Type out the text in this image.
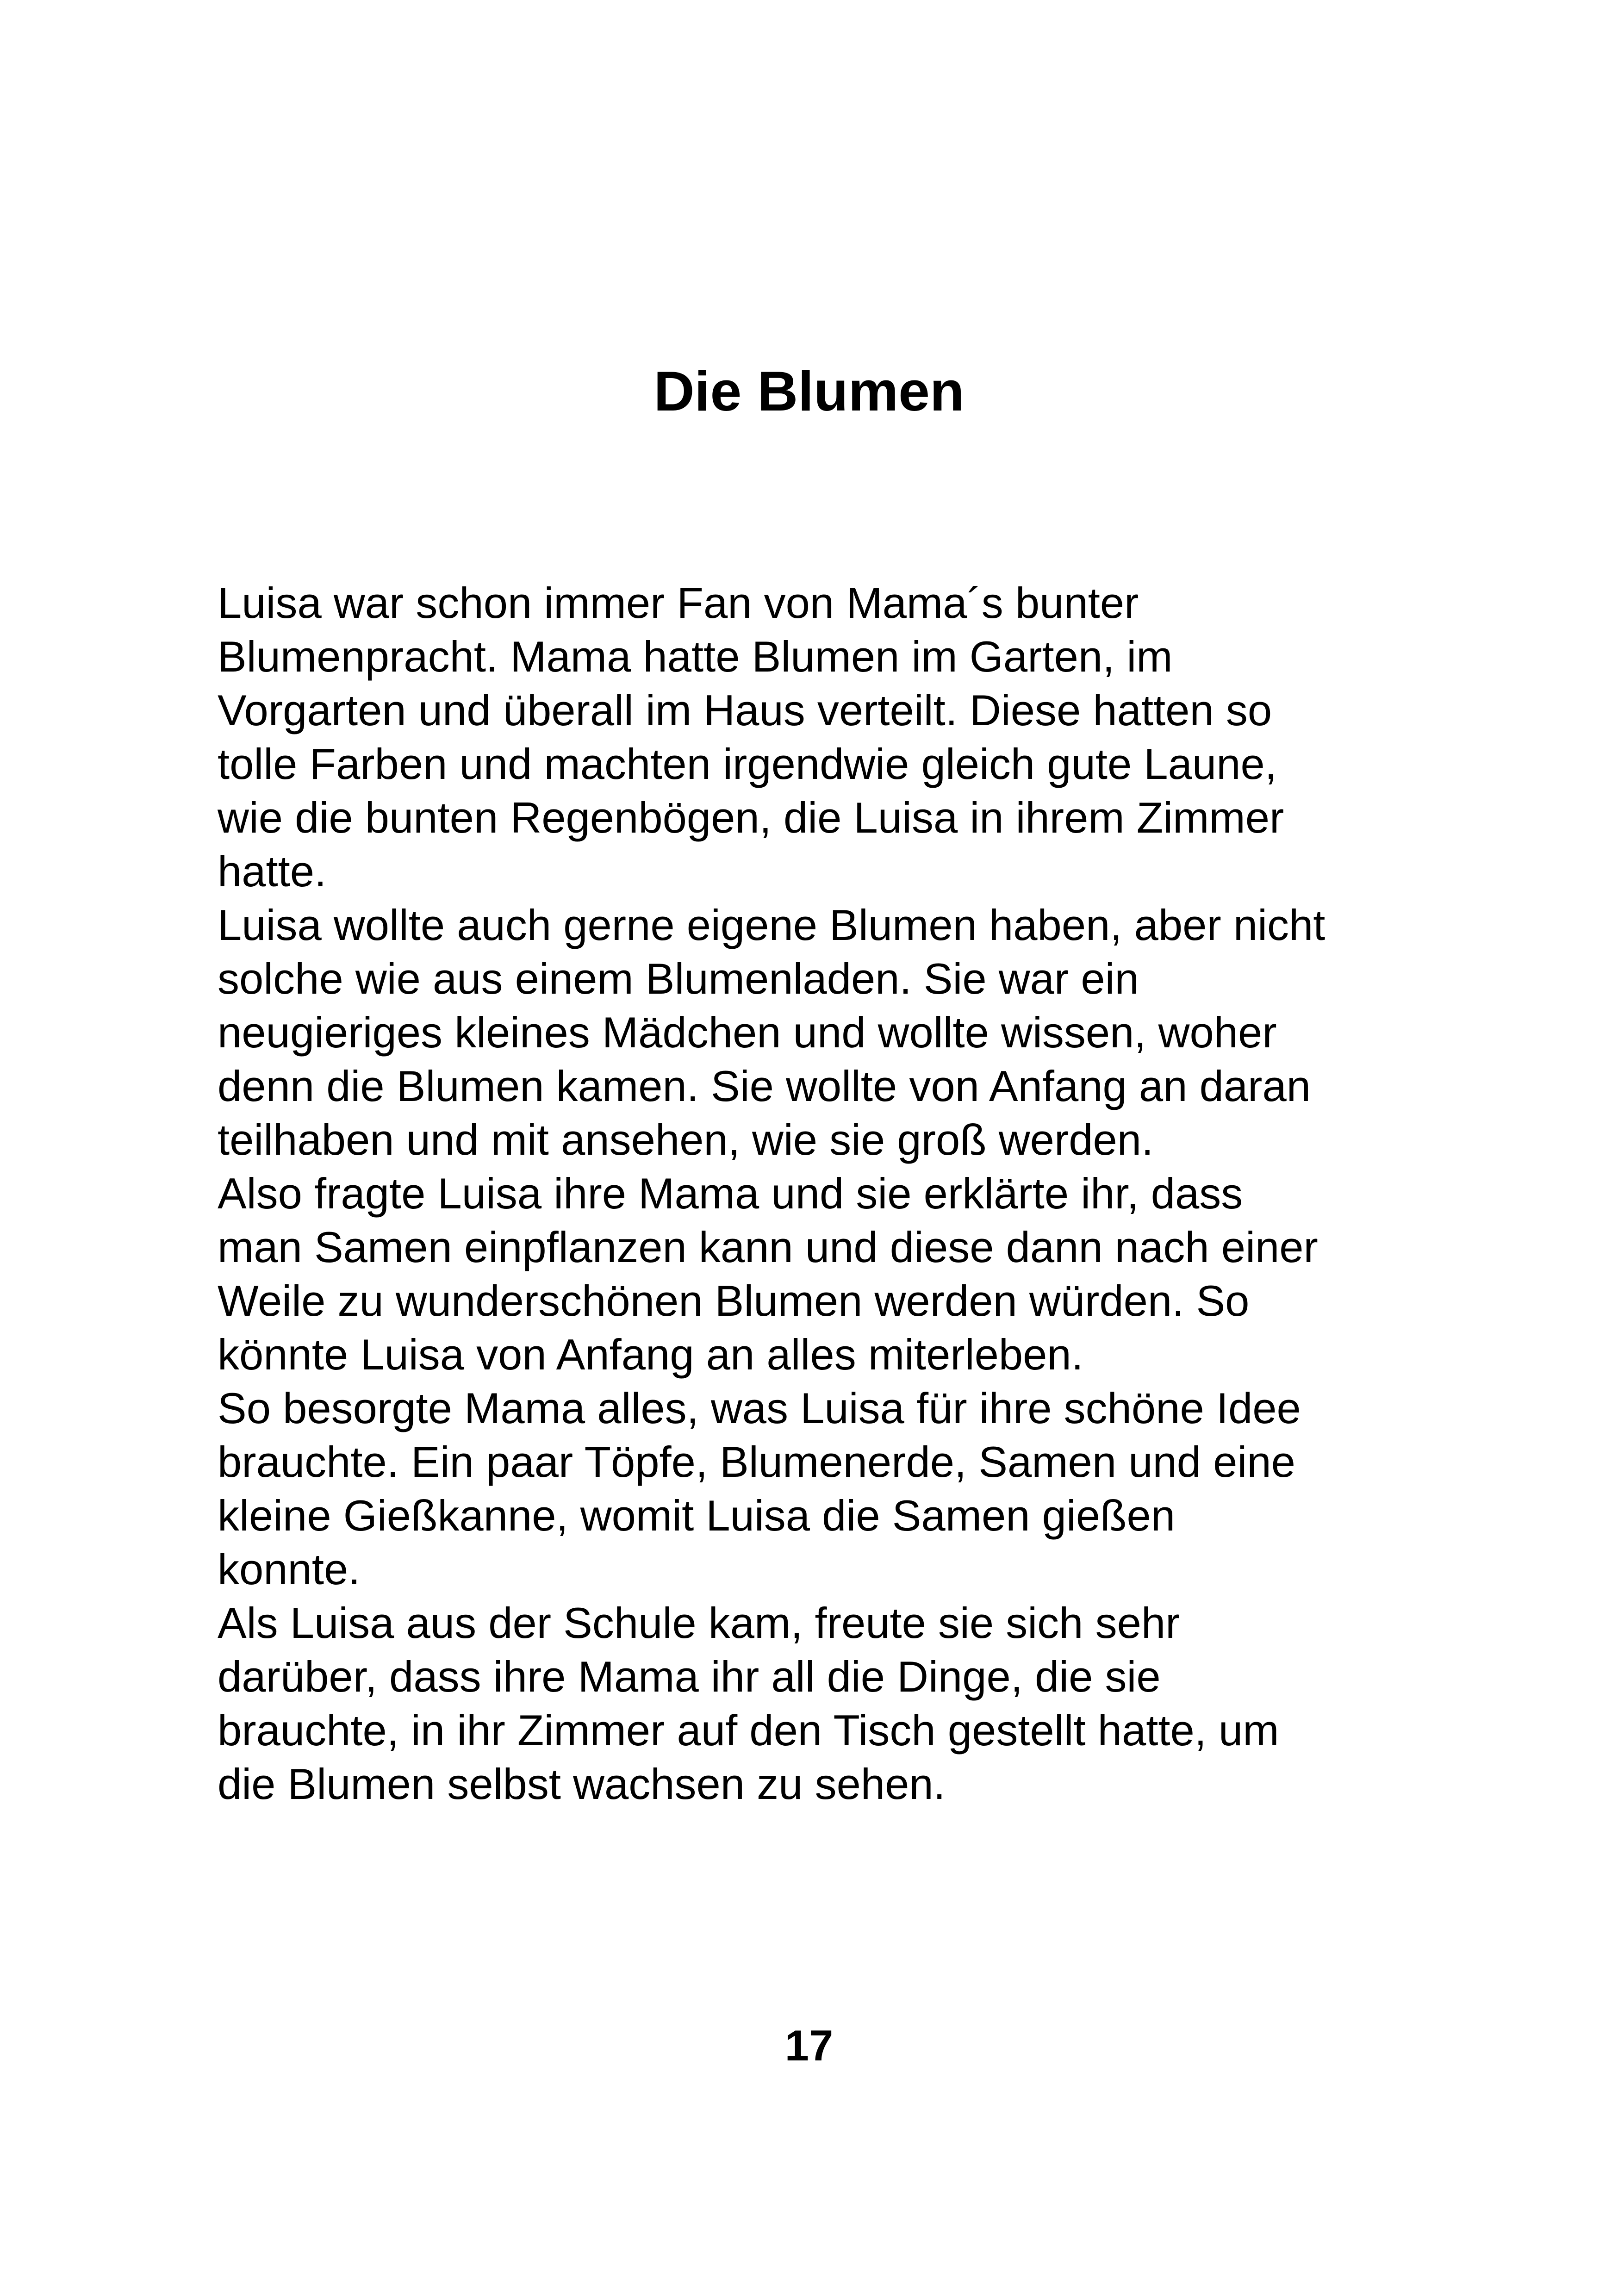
Die Blumen
Luisa war schon immer Fan von Mama´s bunter
Blumenpracht. Mama hatte Blumen im Garten, im
Vorgarten und überall im Haus verteilt. Diese hatten so
tolle Farben und machten irgendwie gleich gute Laune,
wie die bunten Regenbögen, die Luisa in ihrem Zimmer
hatte.
Luisa wollte auch gerne eigene Blumen haben, aber nicht
solche wie aus einem Blumenladen. Sie war ein
neugieriges kleines Mädchen und wollte wissen, woher
denn die Blumen kamen. Sie wollte von Anfang an daran
teilhaben und mit ansehen, wie sie groß werden.
Also fragte Luisa ihre Mama und sie erklärte ihr, dass
man Samen einpflanzen kann und diese dann nach einer
Weile zu wunderschönen Blumen werden würden. So
könnte Luisa von Anfang an alles miterleben.
So besorgte Mama alles, was Luisa für ihre schöne Idee
brauchte. Ein paar Töpfe, Blumenerde, Samen und eine
kleine Gießkanne, womit Luisa die Samen gießen
konnte.
Als Luisa aus der Schule kam, freute sie sich sehr
darüber, dass ihre Mama ihr all die Dinge, die sie
brauchte, in ihr Zimmer auf den Tisch gestellt hatte, um
die Blumen selbst wachsen zu sehen.
17
